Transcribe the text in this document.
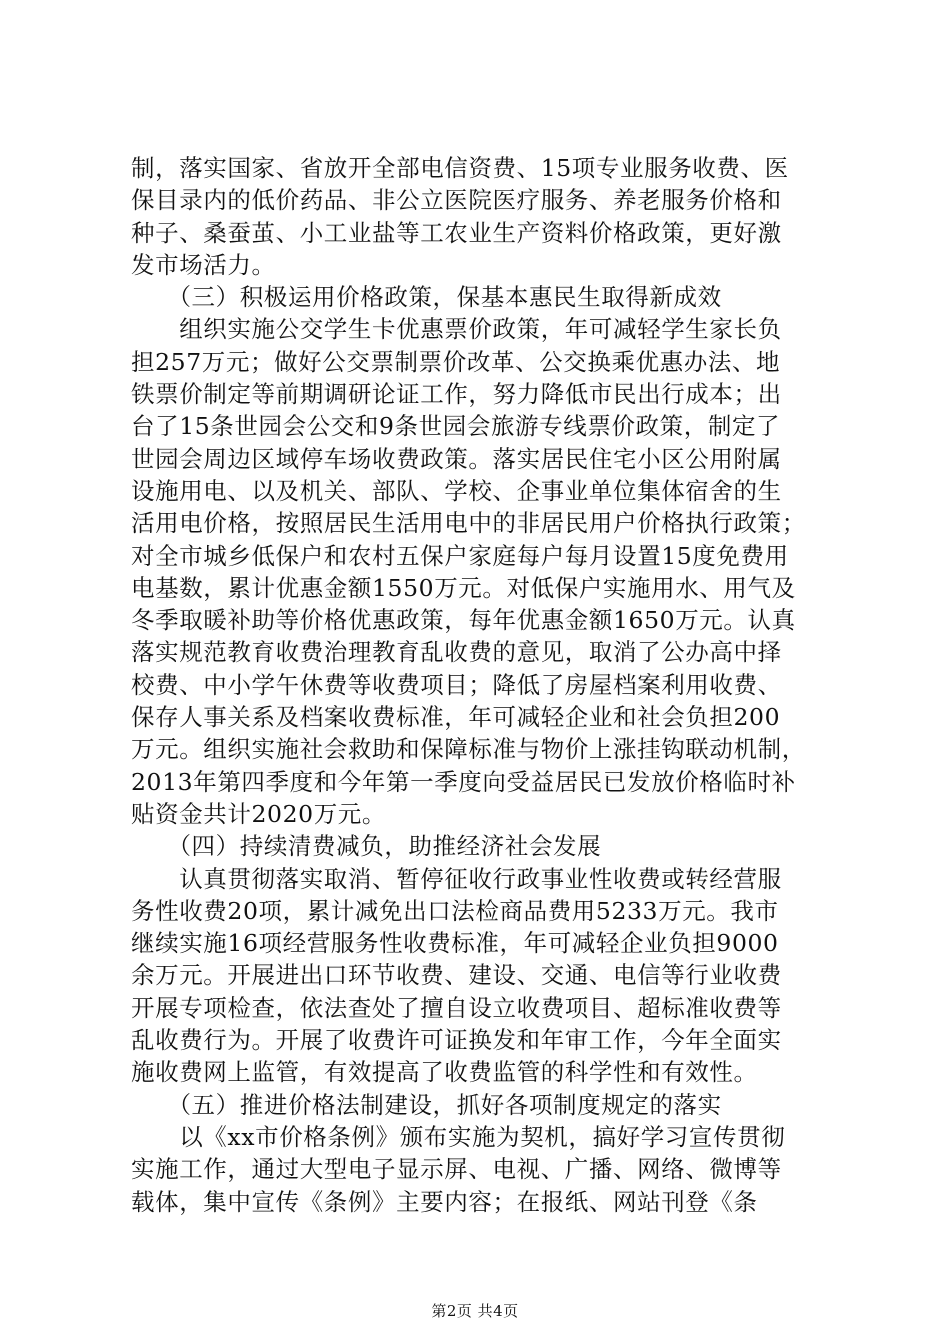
制，落实国家、省放开全部电信资费、15项专业服务收费、医
保目录内的低价药品、非公立医院医疗服务、养老服务价格和
种子、桑蚕茧、小工业盐等工农业生产资料价格政策，更好激
发市场活力。
　　（三）积极运用价格政策，保基本惠民生取得新成效
　　组织实施公交学生卡优惠票价政策，年可减轻学生家长负
担257万元；做好公交票制票价改革、公交换乘优惠办法、地
铁票价制定等前期调研论证工作，努力降低市民出行成本；出
台了15条世园会公交和9条世园会旅游专线票价政策，制定了
世园会周边区域停车场收费政策。落实居民住宅小区公用附属
设施用电、以及机关、部队、学校、企事业单位集体宿舍的生
活用电价格，按照居民生活用电中的非居民用户价格执行政策；
对全市城乡低保户和农村五保户家庭每户每月设置15度免费用
电基数，累计优惠金额1550万元。对低保户实施用水、用气及
冬季取暖补助等价格优惠政策，每年优惠金额1650万元。认真
落实规范教育收费治理教育乱收费的意见，取消了公办高中择
校费、中小学午休费等收费项目；降低了房屋档案利用收费、
保存人事关系及档案收费标准，年可减轻企业和社会负担200
万元。组织实施社会救助和保障标准与物价上涨挂钩联动机制，
2013年第四季度和今年第一季度向受益居民已发放价格临时补
贴资金共计2020万元。
　　（四）持续清费减负，助推经济社会发展
　　认真贯彻落实取消、暂停征收行政事业性收费或转经营服
务性收费20项，累计减免出口法检商品费用5233万元。我市
继续实施16项经营服务性收费标准，年可减轻企业负担9000
余万元。开展进出口环节收费、建设、交通、电信等行业收费
开展专项检查，依法查处了擅自设立收费项目、超标准收费等
乱收费行为。开展了收费许可证换发和年审工作，今年全面实
施收费网上监管，有效提高了收费监管的科学性和有效性。
　　（五）推进价格法制建设，抓好各项制度规定的落实
　　以《xx市价格条例》颁布实施为契机，搞好学习宣传贯彻
实施工作，通过大型电子显示屏、电视、广播、网络、微博等
载体，集中宣传《条例》主要内容；在报纸、网站刊登《条
第2页 共4页
